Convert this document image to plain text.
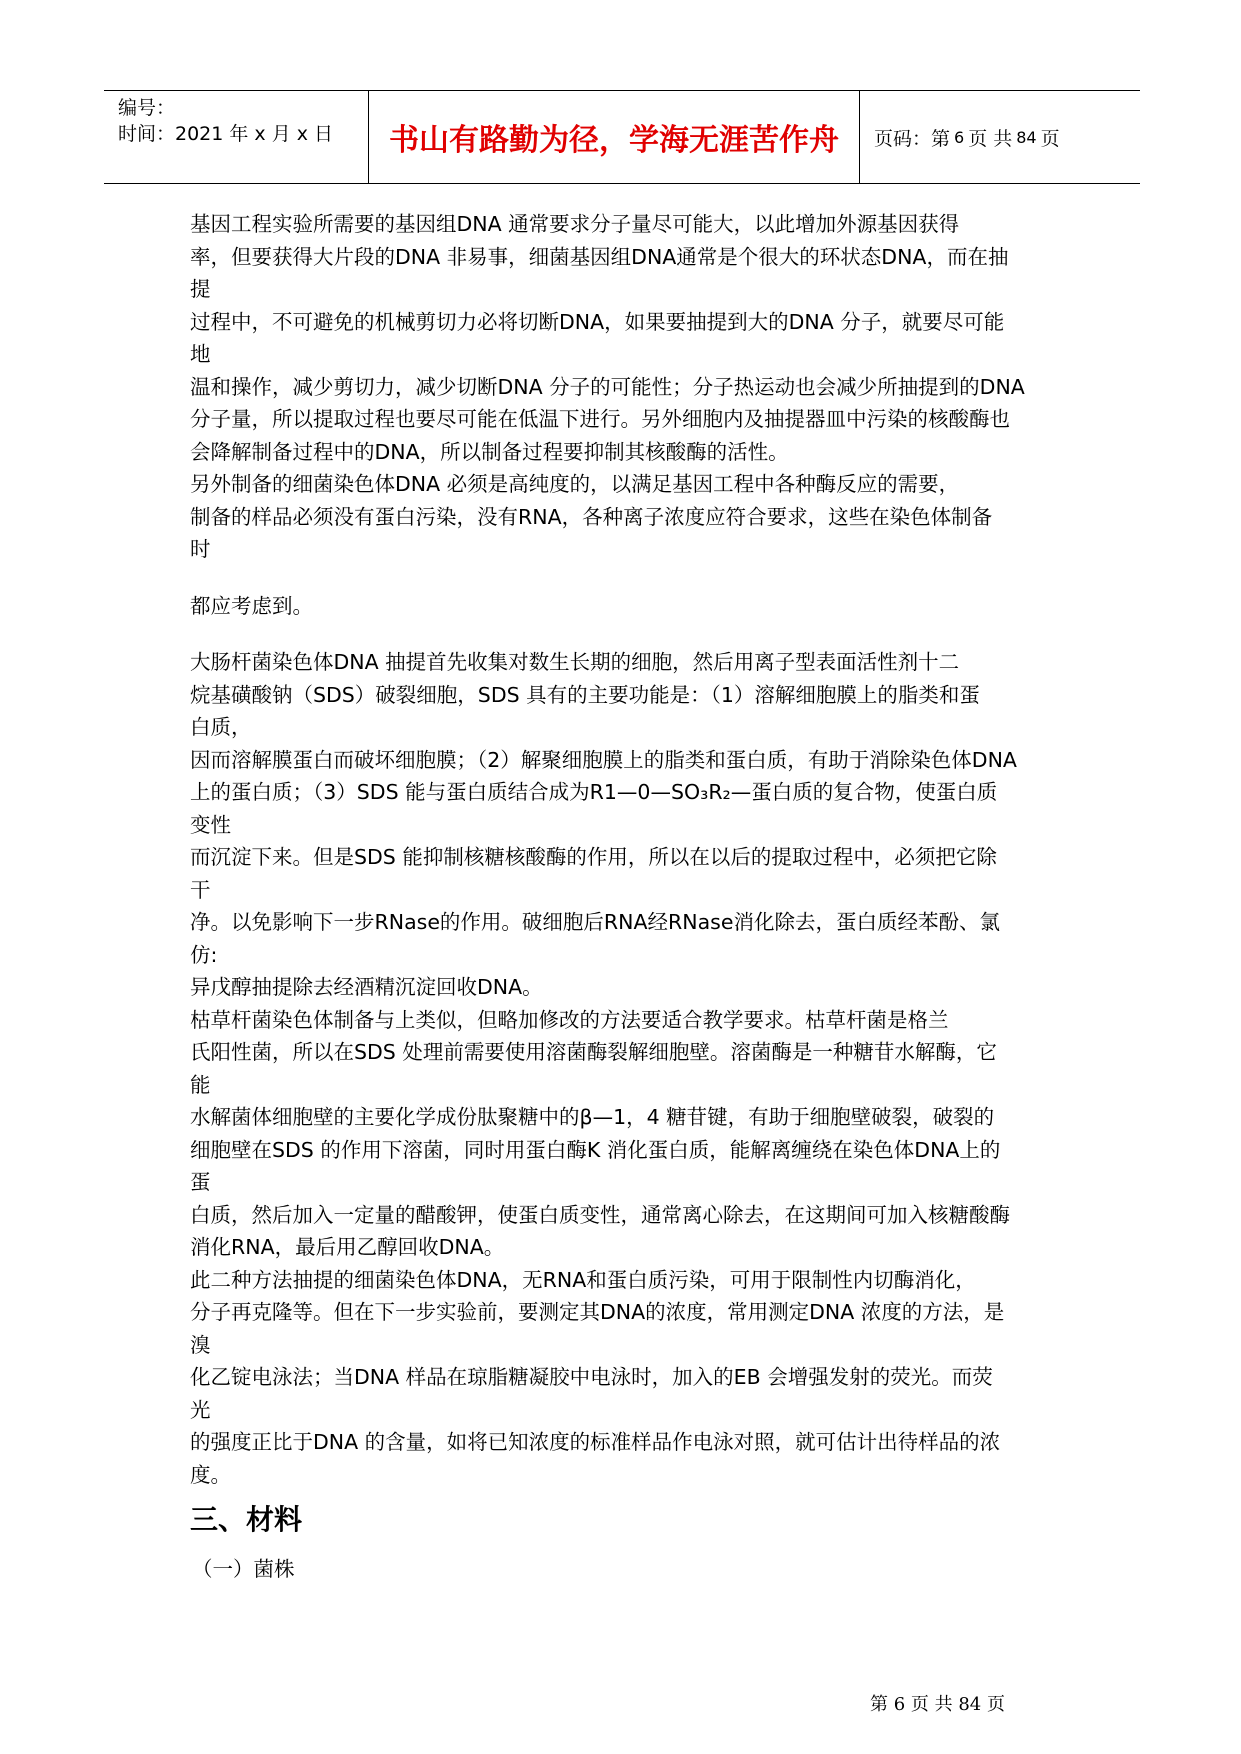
编号：
时间：2021 年 x 月 x 日	书山有路勤为径，学海无涯苦作舟	页码：第 6 页 共 84 页

基因工程实验所需要的基因组DNA 通常要求分子量尽可能大，以此增加外源基因获得

率，但要获得大片段的DNA 非易事，细菌基因组DNA通常是个很大的环状态DNA，而在抽

提

过程中，不可避免的机械剪切力必将切断DNA，如果要抽提到大的DNA 分子，就要尽可能

地

温和操作，减少剪切力，减少切断DNA 分子的可能性；分子热运动也会减少所抽提到的DNA

分子量，所以提取过程也要尽可能在低温下进行。另外细胞内及抽提器皿中污染的核酸酶也

会降解制备过程中的DNA，所以制备过程要抑制其核酸酶的活性。

另外制备的细菌染色体DNA 必须是高纯度的，以满足基因工程中各种酶反应的需要，

制备的样品必须没有蛋白污染，没有RNA，各种离子浓度应符合要求，这些在染色体制备

时

都应考虑到。

大肠杆菌染色体DNA 抽提首先收集对数生长期的细胞，然后用离子型表面活性剂十二

烷基磺酸钠（SDS）破裂细胞，SDS 具有的主要功能是：（1）溶解细胞膜上的脂类和蛋

白质，

因而溶解膜蛋白而破坏细胞膜；（2）解聚细胞膜上的脂类和蛋白质，有助于消除染色体DNA

上的蛋白质；（3）SDS 能与蛋白质结合成为R1—0—SO₃R₂—蛋白质的复合物，使蛋白质

变性

而沉淀下来。但是SDS 能抑制核糖核酸酶的作用，所以在以后的提取过程中，必须把它除

干

净。以免影响下一步RNase的作用。破细胞后RNA经RNase消化除去，蛋白质经苯酚、氯

仿:

异戊醇抽提除去经酒精沉淀回收DNA。

枯草杆菌染色体制备与上类似，但略加修改的方法要适合教学要求。枯草杆菌是格兰

氏阳性菌，所以在SDS 处理前需要使用溶菌酶裂解细胞壁。溶菌酶是一种糖苷水解酶，它

能

水解菌体细胞壁的主要化学成份肽聚糖中的β—1，4 糖苷键，有助于细胞壁破裂，破裂的

细胞壁在SDS 的作用下溶菌，同时用蛋白酶K 消化蛋白质，能解离缠绕在染色体DNA上的

蛋

白质，然后加入一定量的醋酸钾，使蛋白质变性，通常离心除去，在这期间可加入核糖酸酶

消化RNA，最后用乙醇回收DNA。

此二种方法抽提的细菌染色体DNA，无RNA和蛋白质污染，可用于限制性内切酶消化，

分子再克隆等。但在下一步实验前，要测定其DNA的浓度，常用测定DNA 浓度的方法，是

溴

化乙锭电泳法；当DNA 样品在琼脂糖凝胶中电泳时，加入的EB 会增强发射的荧光。而荧

光

的强度正比于DNA 的含量，如将已知浓度的标准样品作电泳对照，就可估计出待样品的浓

度。

三、材料
（一）菌株
第 6 页 共 84 页
